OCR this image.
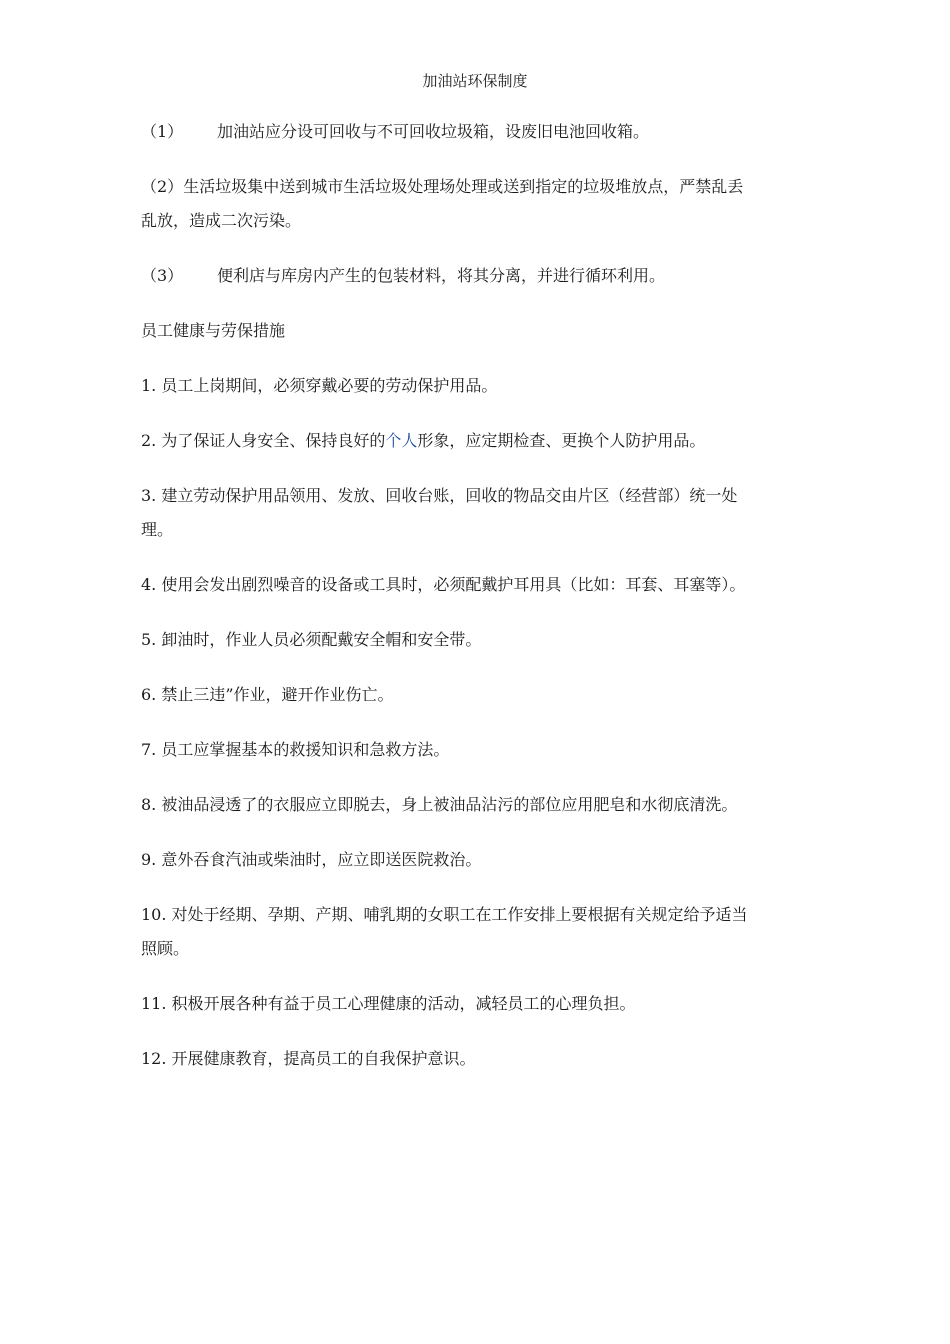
加油站环保制度

（1） 加油站应分设可回收与不可回收垃圾箱，设废旧电池回收箱。

（2）生活垃圾集中送到城市生活垃圾处理场处理或送到指定的垃圾堆放点，严禁乱丢乱放，造成二次污染。

（3） 便利店与库房内产生的包装材料，将其分离，并进行循环利用。

员工健康与劳保措施

1. 员工上岗期间，必须穿戴必要的劳动保护用品。

2. 为了保证人身安全、保持良好的个人形象，应定期检查、更换个人防护用品。

3. 建立劳动保护用品领用、发放、回收台账，回收的物品交由片区（经营部）统一处理。

4. 使用会发出剧烈噪音的设备或工具时，必须配戴护耳用具（比如：耳套、耳塞等）。

5. 卸油时，作业人员必须配戴安全帽和安全带。

6. 禁止三违”作业，避开作业伤亡。

7. 员工应掌握基本的救援知识和急救方法。

8. 被油品浸透了的衣服应立即脱去，身上被油品沾污的部位应用肥皂和水彻底清洗。

9. 意外吞食汽油或柴油时，应立即送医院救治。

10. 对处于经期、孕期、产期、哺乳期的女职工在工作安排上要根据有关规定给予适当照顾。

11. 积极开展各种有益于员工心理健康的活动，减轻员工的心理负担。

12. 开展健康教育，提高员工的自我保护意识。
